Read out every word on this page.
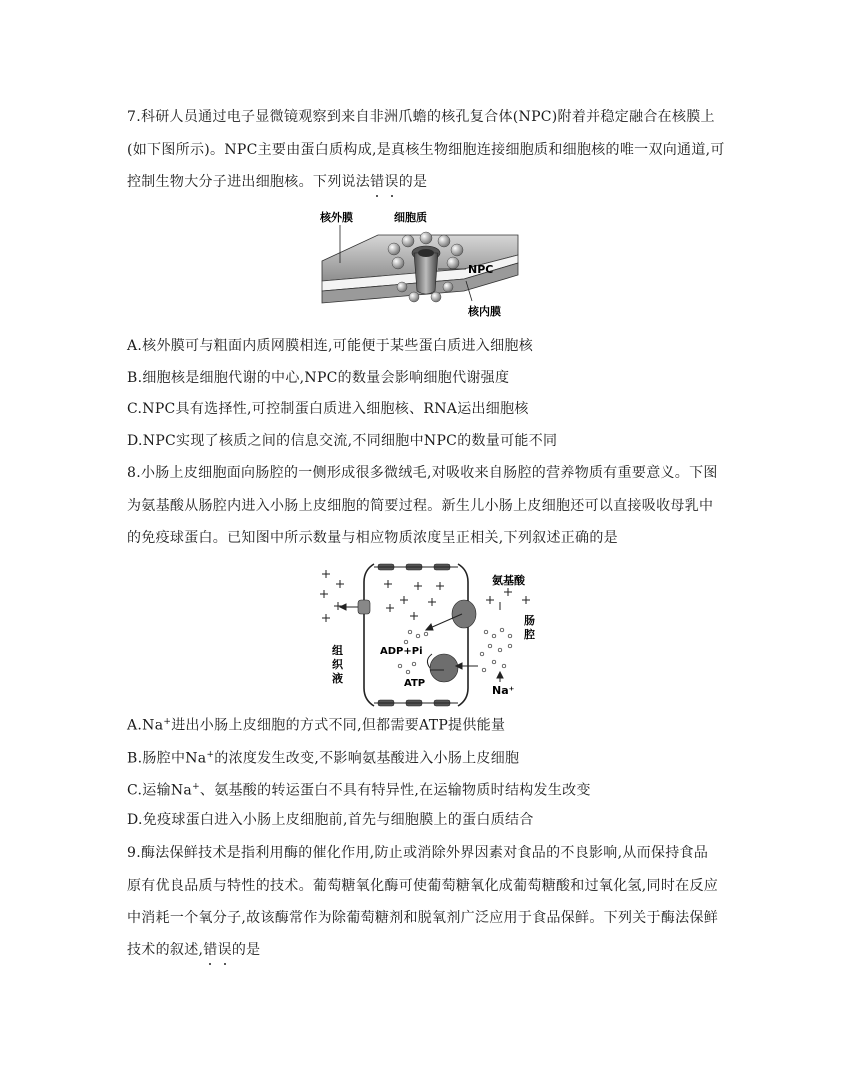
7.科研人员通过电子显微镜观察到来自非洲爪蟾的核孔复合体(NPC)附着并稳定融合在核膜上
(如下图所示)。NPC主要由蛋白质构成,是真核生物细胞连接细胞质和细胞核的唯一双向通道,可
控制生物大分子进出细胞核。下列说法错误的是
核外膜	细胞质
NPC
核内膜
A.核外膜可与粗面内质网膜相连,可能便于某些蛋白质进入细胞核
B.细胞核是细胞代谢的中心,NPC的数量会影响细胞代谢强度
C.NPC具有选择性,可控制蛋白质进入细胞核、RNA运出细胞核
D.NPC实现了核质之间的信息交流,不同细胞中NPC的数量可能不同
8.小肠上皮细胞面向肠腔的一侧形成很多微绒毛,对吸收来自肠腔的营养物质有重要意义。下图
为氨基酸从肠腔内进入小肠上皮细胞的简要过程。新生儿小肠上皮细胞还可以直接吸收母乳中
的免疫球蛋白。已知图中所示数量与相应物质浓度呈正相关,下列叙述正确的是
氨基酸
肠
腔
ADP+Pi
ATP
组
织
液
Na⁺
A.Na+进出小肠上皮细胞的方式不同,但都需要ATP提供能量
B.肠腔中Na+的浓度发生改变,不影响氨基酸进入小肠上皮细胞
C.运输Na+、氨基酸的转运蛋白不具有特异性,在运输物质时结构发生改变
D.免疫球蛋白进入小肠上皮细胞前,首先与细胞膜上的蛋白质结合
9.酶法保鲜技术是指利用酶的催化作用,防止或消除外界因素对食品的不良影响,从而保持食品
原有优良品质与特性的技术。葡萄糖氧化酶可使葡萄糖氧化成葡萄糖酸和过氧化氢,同时在反应
中消耗一个氧分子,故该酶常作为除葡萄糖剂和脱氧剂广泛应用于食品保鲜。下列关于酶法保鲜
技术的叙述,错误的是
